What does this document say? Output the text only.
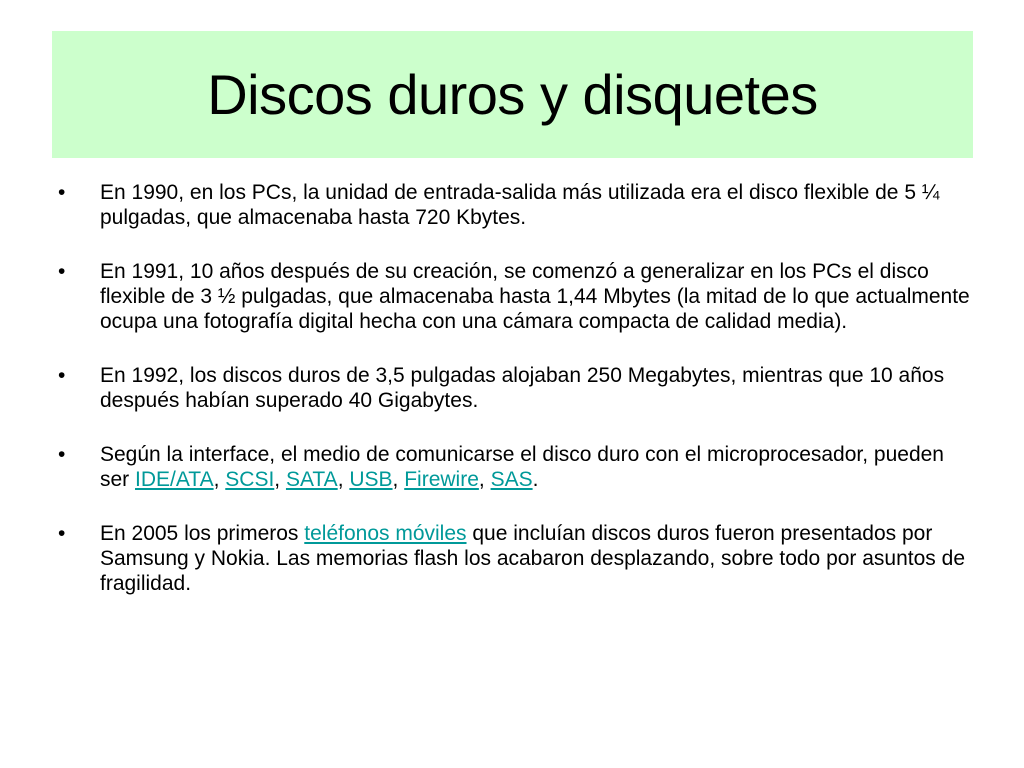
Discos duros y disquetes
•	En 1990, en los PCs, la unidad de entrada-salida más utilizada era el disco flexible de 5 ¼ pulgadas, que almacenaba hasta 720 Kbytes.
•	En 1991, 10 años después de su creación, se comenzó a generalizar en los PCs el disco flexible de 3 ½ pulgadas, que almacenaba hasta 1,44 Mbytes (la mitad de lo que actualmente ocupa una fotografía digital hecha con una cámara compacta de calidad media).
•	En 1992, los discos duros de 3,5 pulgadas alojaban 250 Megabytes, mientras que 10 años después habían superado 40 Gigabytes.
•	Según la interface, el medio de comunicarse el disco duro con el microprocesador, pueden ser IDE/ATA, SCSI, SATA, USB, Firewire, SAS.
•	En 2005 los primeros teléfonos móviles que incluían discos duros fueron presentados por Samsung y Nokia. Las memorias flash los acabaron desplazando, sobre todo por asuntos de fragilidad.
